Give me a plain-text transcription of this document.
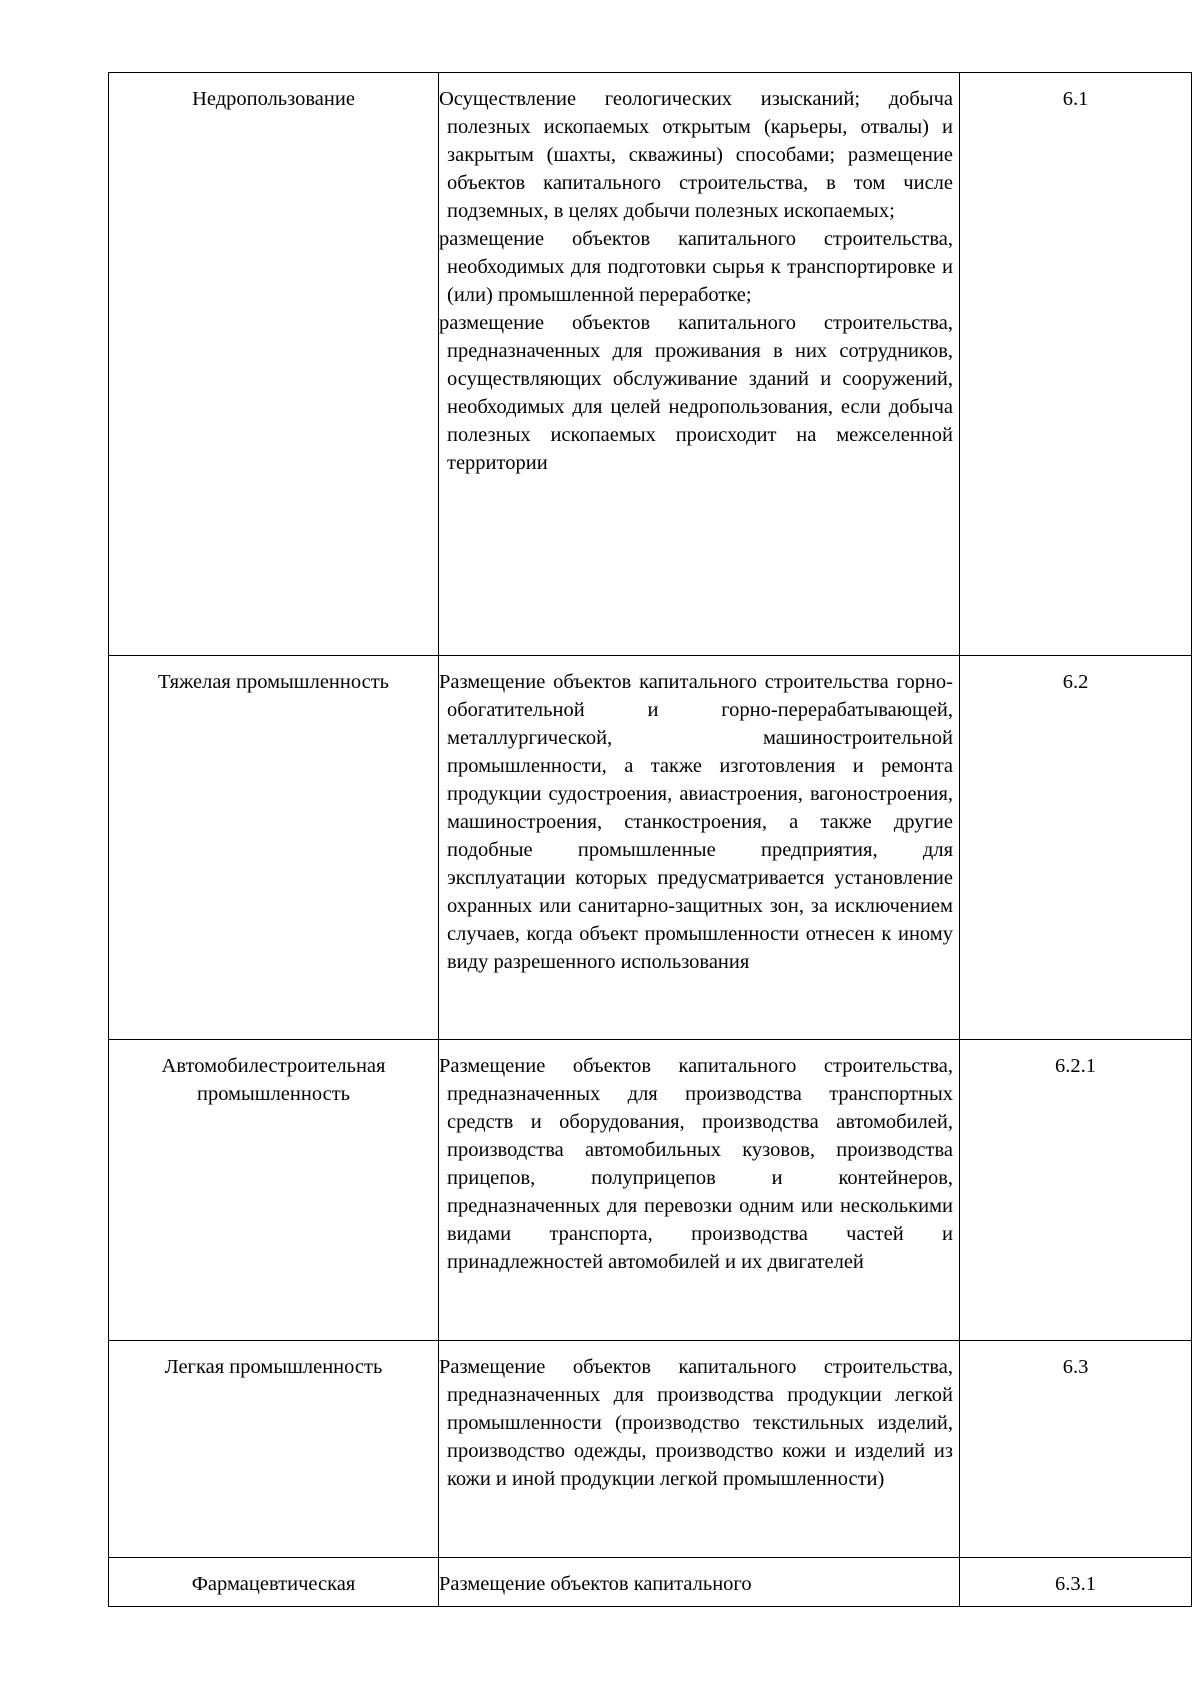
Недропользование	Осуществление геологических изысканий; добыча полезных ископаемых открытым (карьеры, отвалы) и закрытым (шахты, скважины) способами; размещение объектов капитального строительства, в том числе подземных, в целях добычи полезных ископаемых;

размещение объектов капитального строительства, необходимых для подготовки сырья к транспортировке и (или) промышленной переработке;

размещение объектов капитального строительства, предназначенных для проживания в них сотрудников, осуществляющих обслуживание зданий и сооружений, необходимых для целей недропользования, если добыча полезных ископаемых происходит на межселенной территории	6.1
Тяжелая промышленность	Размещение объектов капитального строительства горно-обогатительной и горно-перерабатывающей, металлургической, машиностроительной промышленности, а также изготовления и ремонта продукции судостроения, авиастроения, вагоностроения, машиностроения, станкостроения, а также другие подобные промышленные предприятия, для эксплуатации которых предусматривается установление охранных или санитарно-защитных зон, за исключением случаев, когда объект промышленности отнесен к иному виду разрешенного использования	6.2
Автомобилестроительная промышленность	Размещение объектов капитального строительства, предназначенных для производства транспортных средств и оборудования, производства автомобилей, производства автомобильных кузовов, производства прицепов, полуприцепов и контейнеров, предназначенных для перевозки одним или несколькими видами транспорта, производства частей и принадлежностей автомобилей и их двигателей	6.2.1
Легкая промышленность	Размещение объектов капитального строительства, предназначенных для производства продукции легкой промышленности (производство текстильных изделий, производство одежды, производство кожи и изделий из кожи и иной продукции легкой промышленности)	6.3
Фармацевтическая	Размещение объектов капитального	6.3.1
